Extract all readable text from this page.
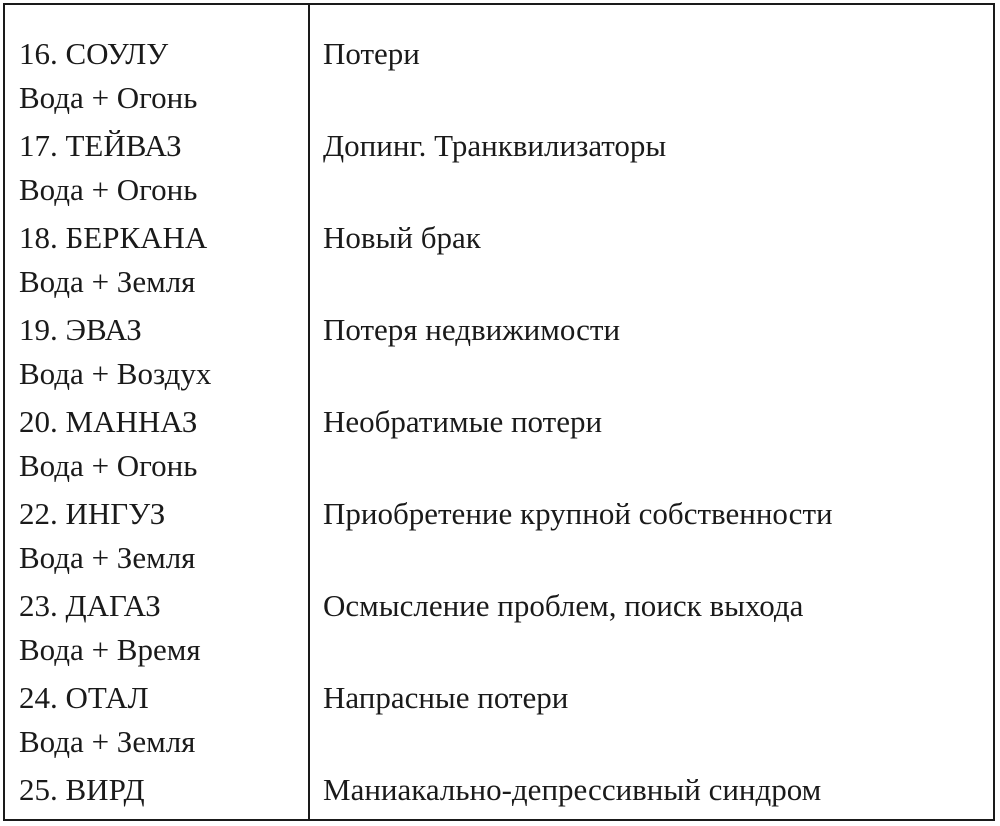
16. СОУЛУ
Вода + Огонь
Потери
17. ТЕЙВАЗ
Вода + Огонь
Допинг. Транквилизаторы
18. БЕРКАНА
Вода + Земля
Новый брак
19. ЭВАЗ
Вода + Воздух
Потеря недвижимости
20. МАННАЗ
Вода + Огонь
Необратимые потери
22. ИНГУЗ
Вода + Земля
Приобретение крупной собственности
23. ДАГАЗ
Вода + Время
Осмысление проблем, поиск выхода
24. ОТАЛ
Вода + Земля
Напрасные потери
25. ВИРД	Маниакально-депрессивный синдром
